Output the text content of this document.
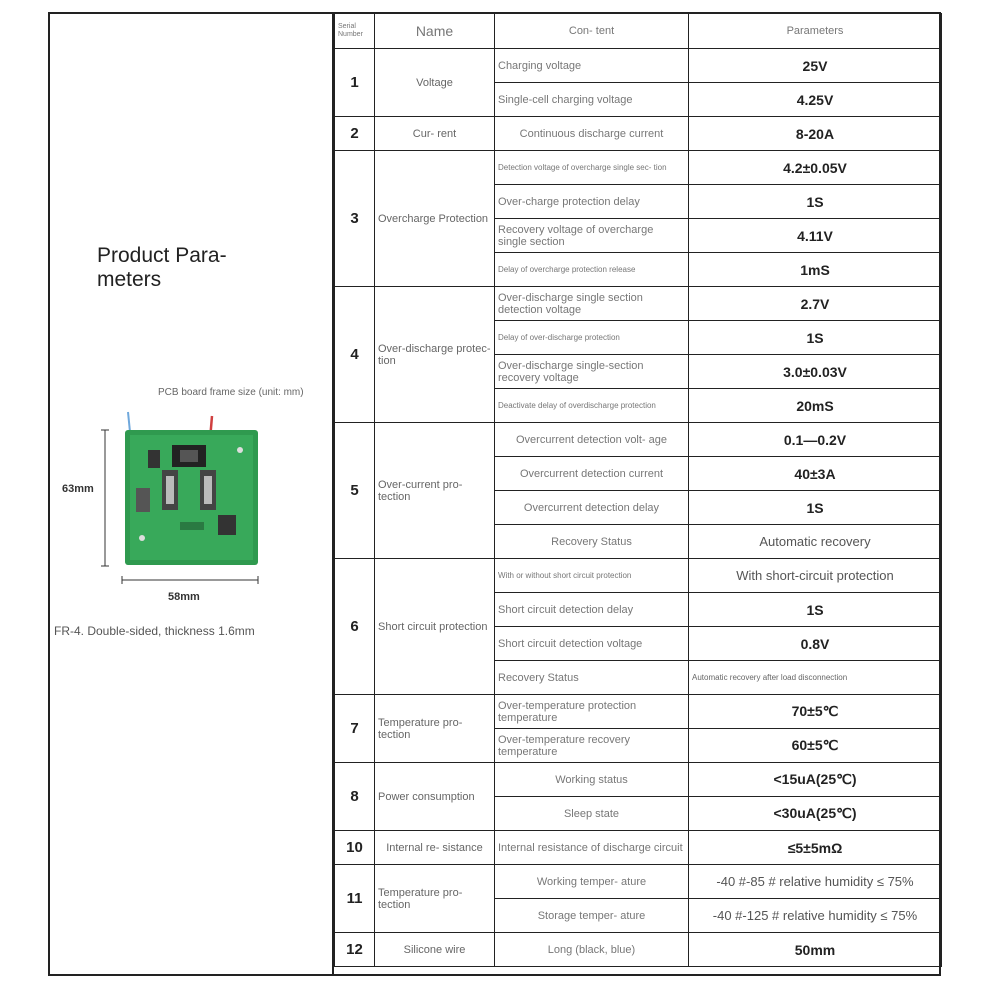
Product Para-
meters
PCB board frame size (unit: mm)
63mm
58mm
FR-4. Double-sided, thickness 1.6mm
Serial Number	Name	Con- tent	Parameters
1	Voltage	Charging voltage	25V
		Single-cell charging voltage	4.25V
2	Cur- rent	Continuous discharge current	8-20A
3	Overcharge Protection	Detection voltage of overcharge single sec- tion	4.2±0.05V
		Over-charge protection delay	1S
		Recovery voltage of overcharge single section	4.11V
		Delay of overcharge protection release	1mS
4	Over-discharge protec- tion	Over-discharge single section detection voltage	2.7V
		Delay of over-discharge protection	1S
		Over-discharge single-section recovery voltage	3.0±0.03V
		Deactivate delay of overdischarge protection	20mS
5	Over-current pro- tection	Overcurrent detection volt- age	0.1—0.2V
		Overcurrent detection current	40±3A
		Overcurrent detection delay	1S
		Recovery Status	Automatic recovery
6	Short circuit protection	With or without short circuit protection	With short-circuit protection
		Short circuit detection delay	1S
		Short circuit detection voltage	0.8V
		Recovery Status	Automatic recovery after load disconnection
7	Temperature pro- tection	Over-temperature protection temperature	70±5℃
		Over-temperature recovery temperature	60±5℃
8	Power consumption	Working status	<15uA(25℃)
		Sleep state	<30uA(25℃)
10	Internal re- sistance	Internal resistance of discharge circuit	≤5±5mΩ
11	Temperature pro- tection	Working temper- ature	-40 #-85 # relative humidity ≤ 75%
		Storage temper- ature	-40 #-125 # relative humidity ≤ 75%
12	Silicone wire	Long (black, blue)	50mm
